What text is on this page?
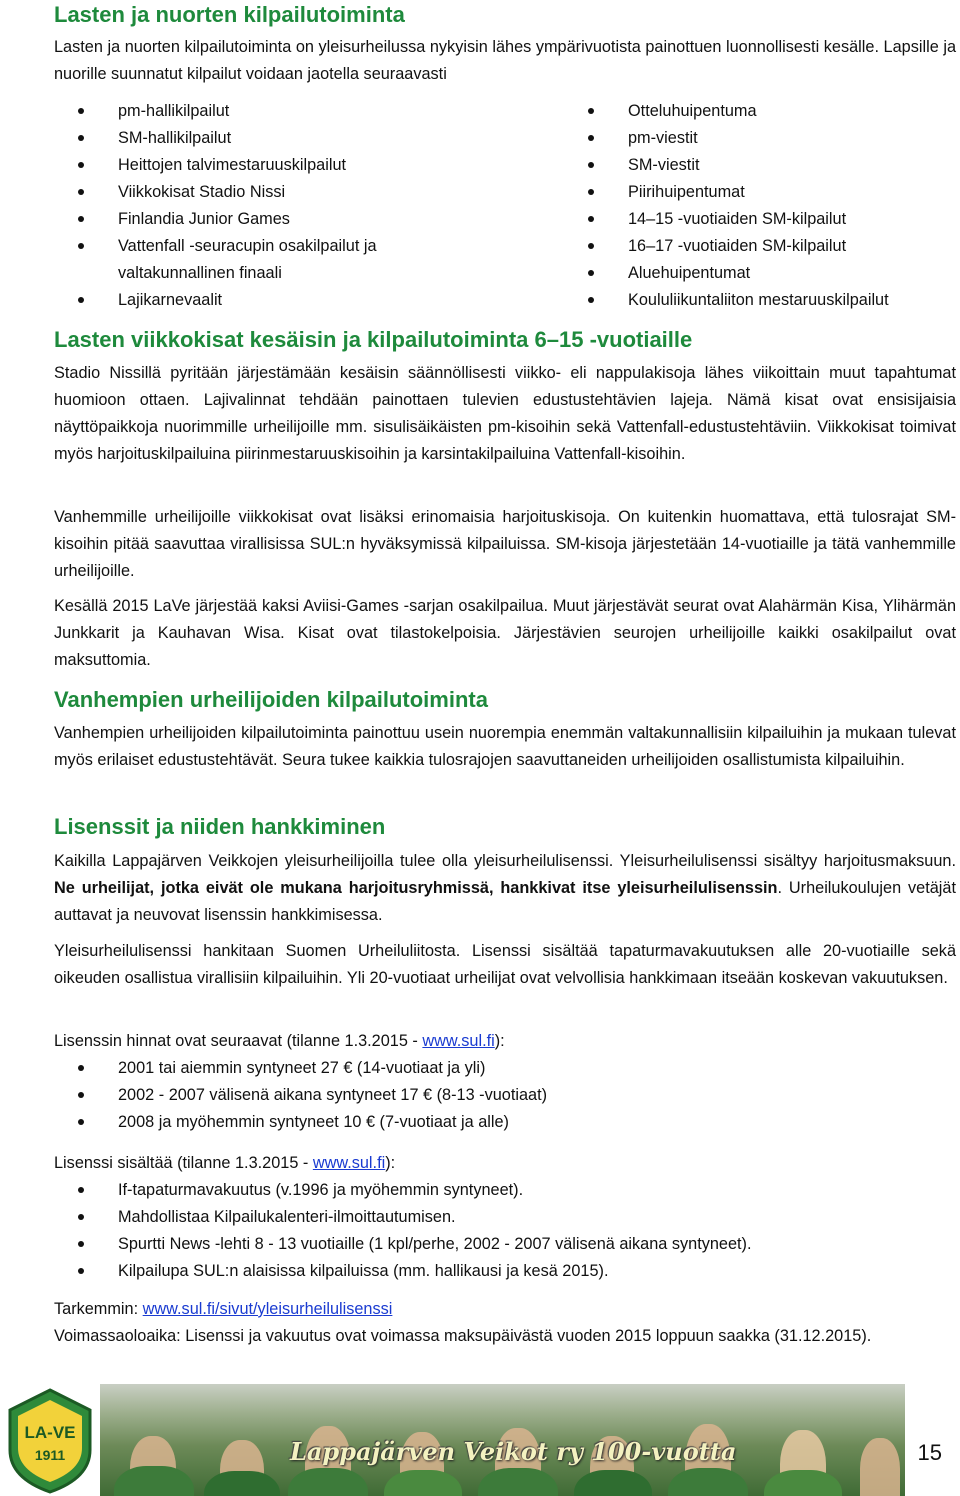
Lasten ja nuorten kilpailutoiminta

Lasten ja nuorten kilpailutoiminta on yleisurheilussa nykyisin lähes ympärivuotista painottuen luonnollisesti kesälle. Lapsille ja nuorille suunnatut kilpailut voidaan jaotella seuraavasti

pm-hallikilpailut
SM-hallikilpailut
Heittojen talvimestaruuskilpailut
Viikkokisat Stadio Nissi
Finlandia Junior Games
Vattenfall -seuracupin osakilpailut ja valtakunnallinen finaali
Lajikarnevaalit
Otteluhuipentuma
pm-viestit
SM-viestit
Piirihuipentumat
14–15 -vuotiaiden SM-kilpailut
16–17 -vuotiaiden SM-kilpailut
Aluehuipentumat
Koululiikuntaliiton mestaruuskilpailut
Lasten viikkokisat kesäisin ja kilpailutoiminta 6–15 -vuotiaille

Stadio Nissillä pyritään järjestämään kesäisin säännöllisesti viikko- eli nappulakisoja lähes viikoittain muut tapahtumat huomioon ottaen. Lajivalinnat tehdään painottaen tulevien edustustehtävien lajeja. Nämä kisat ovat ensisijaisia näyttöpaikkoja nuorimmille urheilijoille mm. sisulisäikäisten pm-kisoihin sekä Vattenfall-edustustehtäviin. Viikkokisat toimivat myös harjoituskilpailuina piirinmestaruuskisoihin ja karsintakilpailuina Vattenfall-kisoihin.

Vanhemmille urheilijoille viikkokisat ovat lisäksi erinomaisia harjoituskisoja. On kuitenkin huomattava, että tulosrajat SM-kisoihin pitää saavuttaa virallisissa SUL:n hyväksymissä kilpailuissa. SM-kisoja järjestetään 14-vuotiaille ja tätä vanhemmille urheilijoille.

Kesällä 2015 LaVe järjestää kaksi Aviisi-Games -sarjan osakilpailua. Muut järjestävät seurat ovat Alahärmän Kisa, Ylihärmän Junkkarit ja Kauhavan Wisa. Kisat ovat tilastokelpoisia. Järjestävien seurojen urheilijoille kaikki osakilpailut ovat maksuttomia.

Vanhempien urheilijoiden kilpailutoiminta

Vanhempien urheilijoiden kilpailutoiminta painottuu usein nuorempia enemmän valtakunnallisiin kilpailuihin ja mukaan tulevat myös erilaiset edustustehtävät. Seura tukee kaikkia tulosrajojen saavuttaneiden urheilijoiden osallistumista kilpailuihin.

Lisenssit ja niiden hankkiminen

Kaikilla Lappajärven Veikkojen yleisurheilijoilla tulee olla yleisurheilulisenssi. Yleisurheilulisenssi sisältyy harjoitusmaksuun. Ne urheilijat, jotka eivät ole mukana harjoitusryhmissä, hankkivat itse yleisurheilulisenssin. Urheilukoulujen vetäjät auttavat ja neuvovat lisenssin hankkimisessa.

Yleisurheilulisenssi hankitaan Suomen Urheiluliitosta. Lisenssi sisältää tapaturmavakuutuksen alle 20-vuotiaille sekä oikeuden osallistua virallisiin kilpailuihin. Yli 20-vuotiaat urheilijat ovat velvollisia hankkimaan itseään koskevan vakuutuksen.

Lisenssin hinnat ovat seuraavat (tilanne 1.3.2015 - www.sul.fi):

2001 tai aiemmin syntyneet 27 € (14-vuotiaat ja yli)
2002 - 2007 välisenä aikana syntyneet 17 € (8-13 -vuotiaat)
2008 ja myöhemmin syntyneet 10 € (7-vuotiaat ja alle)

Lisenssi sisältää (tilanne 1.3.2015 - www.sul.fi):

If-tapaturmavakuutus (v.1996 ja myöhemmin syntyneet).
Mahdollistaa Kilpailukalenteri-ilmoittautumisen.
Spurtti News -lehti 8 - 13 vuotiaille (1 kpl/perhe, 2002 - 2007 välisenä aikana syntyneet).
Kilpailupa SUL:n alaisissa kilpailuissa (mm. hallikausi ja kesä 2015).

Tarkemmin: www.sul.fi/sivut/yleisurheilulisenssi

Voimassaoloaika: Lisenssi ja vakuutus ovat voimassa maksupäivästä vuoden 2015 loppuun saakka (31.12.2015).

LA-VE
1911	Lappajärven Veikot ry 100-vuotta	15
